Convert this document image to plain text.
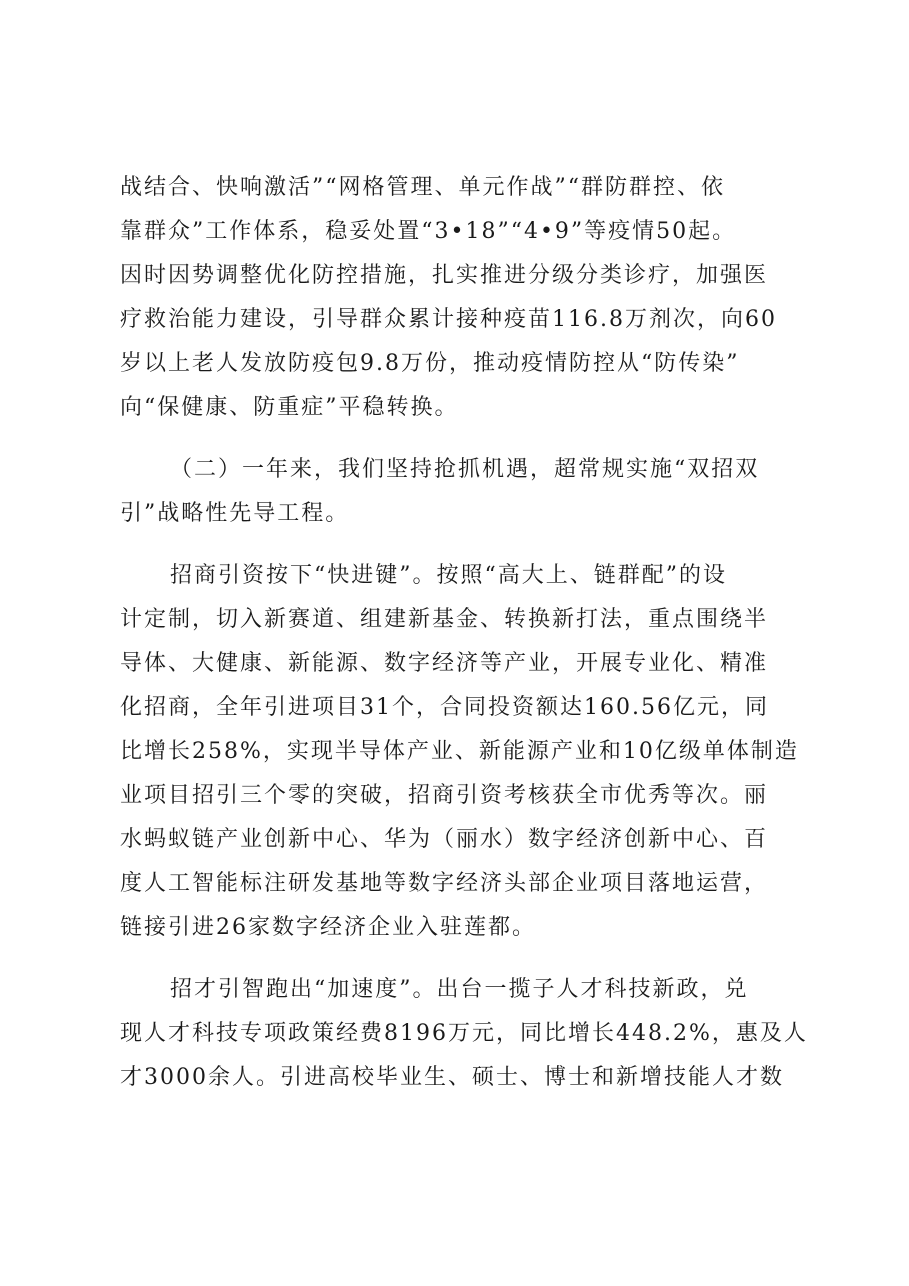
战结合、快响激活”“网格管理、单元作战”“群防群控、依
靠群众”工作体系，稳妥处置“3•18”“4•9”等疫情50起。
因时因势调整优化防控措施，扎实推进分级分类诊疗，加强医
疗救治能力建设，引导群众累计接种疫苗116.8万剂次，向60
岁以上老人发放防疫包9.8万份，推动疫情防控从“防传染”
向“保健康、防重症”平稳转换。
（二）一年来，我们坚持抢抓机遇，超常规实施“双招双
引”战略性先导工程。
招商引资按下“快进键”。按照“高大上、链群配”的设
计定制，切入新赛道、组建新基金、转换新打法，重点围绕半
导体、大健康、新能源、数字经济等产业，开展专业化、精准
化招商，全年引进项目31个，合同投资额达160.56亿元，同
比增长258%，实现半导体产业、新能源产业和10亿级单体制造
业项目招引三个零的突破，招商引资考核获全市优秀等次。丽
水蚂蚁链产业创新中心、华为（丽水）数字经济创新中心、百
度人工智能标注研发基地等数字经济头部企业项目落地运营，
链接引进26家数字经济企业入驻莲都。
招才引智跑出“加速度”。出台一揽子人才科技新政，兑
现人才科技专项政策经费8196万元，同比增长448.2%，惠及人
才3000余人。引进高校毕业生、硕士、博士和新增技能人才数
